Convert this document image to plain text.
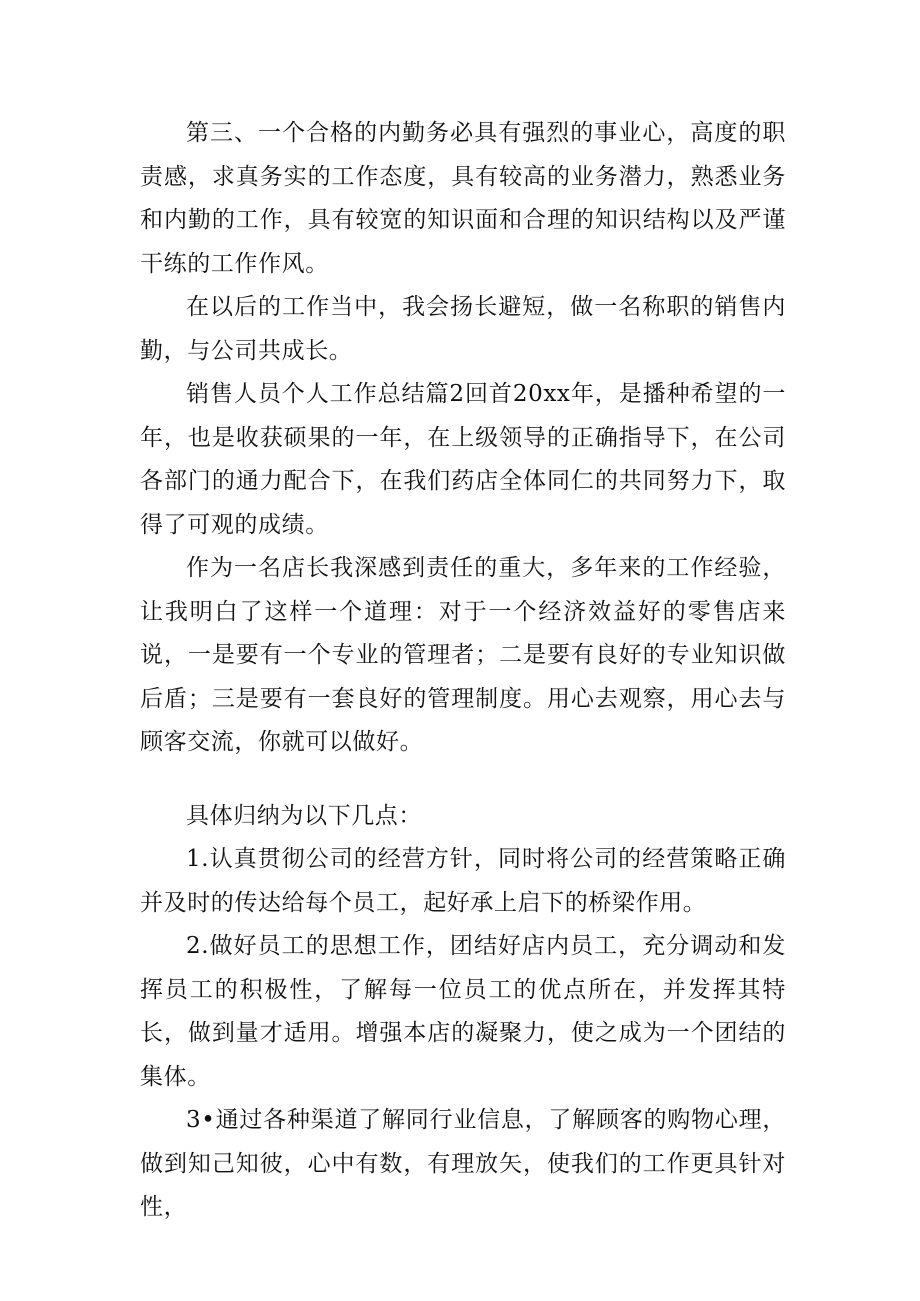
第三、一个合格的内勤务必具有强烈的事业心，高度的职责感，求真务实的工作态度，具有较高的业务潜力，熟悉业务和内勤的工作，具有较宽的知识面和合理的知识结构以及严谨干练的工作作风。

在以后的工作当中，我会扬长避短，做一名称职的销售内勤，与公司共成长。

销售人员个人工作总结篇2回首20xx年，是播种希望的一年，也是收获硕果的一年，在上级领导的正确指导下，在公司各部门的通力配合下，在我们药店全体同仁的共同努力下，取得了可观的成绩。

作为一名店长我深感到责任的重大，多年来的工作经验，让我明白了这样一个道理：对于一个经济效益好的零售店来说，一是要有一个专业的管理者；二是要有良好的专业知识做后盾；三是要有一套良好的管理制度。用心去观察，用心去与顾客交流，你就可以做好。

具体归纳为以下几点：

1.认真贯彻公司的经营方针，同时将公司的经营策略正确并及时的传达给每个员工，起好承上启下的桥梁作用。

2.做好员工的思想工作，团结好店内员工，充分调动和发挥员工的积极性，了解每一位员工的优点所在，并发挥其特长，做到量才适用。增强本店的凝聚力，使之成为一个团结的集体。

3•通过各种渠道了解同行业信息，了解顾客的购物心理，做到知己知彼，心中有数，有理放矢，使我们的工作更具针对性，
